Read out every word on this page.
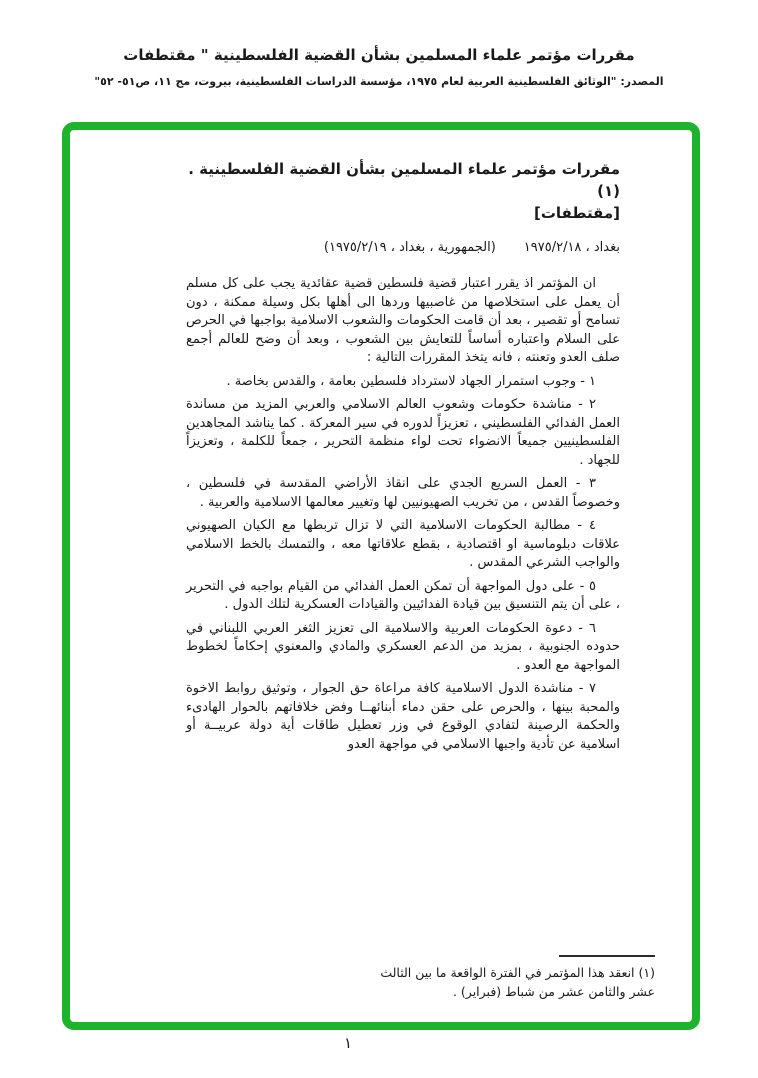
مقررات مؤتمر علماء المسلمين بشأن القضية الفلسطينية " مقتطفات
المصدر: "الوثائق الفلسطينية العربية لعام ١٩٧٥، مؤسسة الدراسات الفلسطينية، بيروت، مج ١١، ص٥١- ٥٢"
مقررات مؤتمر علماء المسلمين بشأن القضية الفلسطينية .(١)
[مقتطفات]
بغداد ، ١٩٧٥/٢/١٨
(الجمهورية ، بغداد ، ١٩٧٥/٢/١٩)

ان المؤتمر اذ يقرر اعتبار قضية فلسطين قضية عقائدية يجب على كل مسلم أن يعمل على استخلاصها من غاصبيها وردها الى أهلها بكل وسيلة ممكنة ، دون تسامح أو تقصير ، بعد أن قامت الحكومات والشعوب الاسلامية بواجبها في الحرص على السلام واعتباره أساساً للتعايش بين الشعوب ، وبعد أن وضح للعالم أجمع صلف العدو وتعنته ، فانه يتخذ المقررات التالية :

١ - وجوب استمرار الجهاد لاسترداد فلسطين بعامة ، والقدس بخاصة .

٢ - مناشدة حكومات وشعوب العالم الاسلامي والعربي المزيد من مساندة العمل الفدائي الفلسطيني ، تعزيزاً لدوره في سير المعركة . كما يناشد المجاهدين الفلسطينيين جميعاً الانضواء تحت لواء منظمة التحرير ، جمعاً للكلمة ، وتعزيزاً للجهاد .

٣ - العمل السريع الجدي على انقاذ الأراضي المقدسة في فلسطين ، وخصوصاً القدس ، من تخريب الصهيونيين لها وتغيير معالمها الاسلامية والعربية .

٤ - مطالبة الحكومات الاسلامية التي لا تزال تربطها مع الكيان الصهيوني علاقات دبلوماسية او اقتصادية ، بقطع علاقاتها معه ، والتمسك بالخط الاسلامي والواجب الشرعي المقدس .

٥ - على دول المواجهة أن تمكن العمل الفدائي من القيام بواجبه في التحرير ، على أن يتم التنسيق بين قيادة الفدائيين والقيادات العسكرية لتلك الدول .

٦ - دعوة الحكومات العربية والاسلامية الى تعزيز الثغر العربي اللبناني في حدوده الجنوبية ، بمزيد من الدعم العسكري والمادي والمعنوي إحكاماً لخطوط المواجهة مع العدو .

٧ - مناشدة الدول الاسلامية كافة مراعاة حق الجوار ، وتوثيق روابط الاخوة والمحبة بينها ، والحرص على حقن دماء أبنائهــا وفض خلافاتهم بالحوار الهادىء والحكمة الرصينة لتفادي الوقوع في وزر تعطيل طاقات أية دولة عربيــة أو اسلامية عن تأدية واجبها الاسلامي في مواجهة العدو

(١) انعقد هذا المؤتمر في الفترة الواقعة ما بين الثالث عشر والثامن عشر من شباط (فبراير) .

١
